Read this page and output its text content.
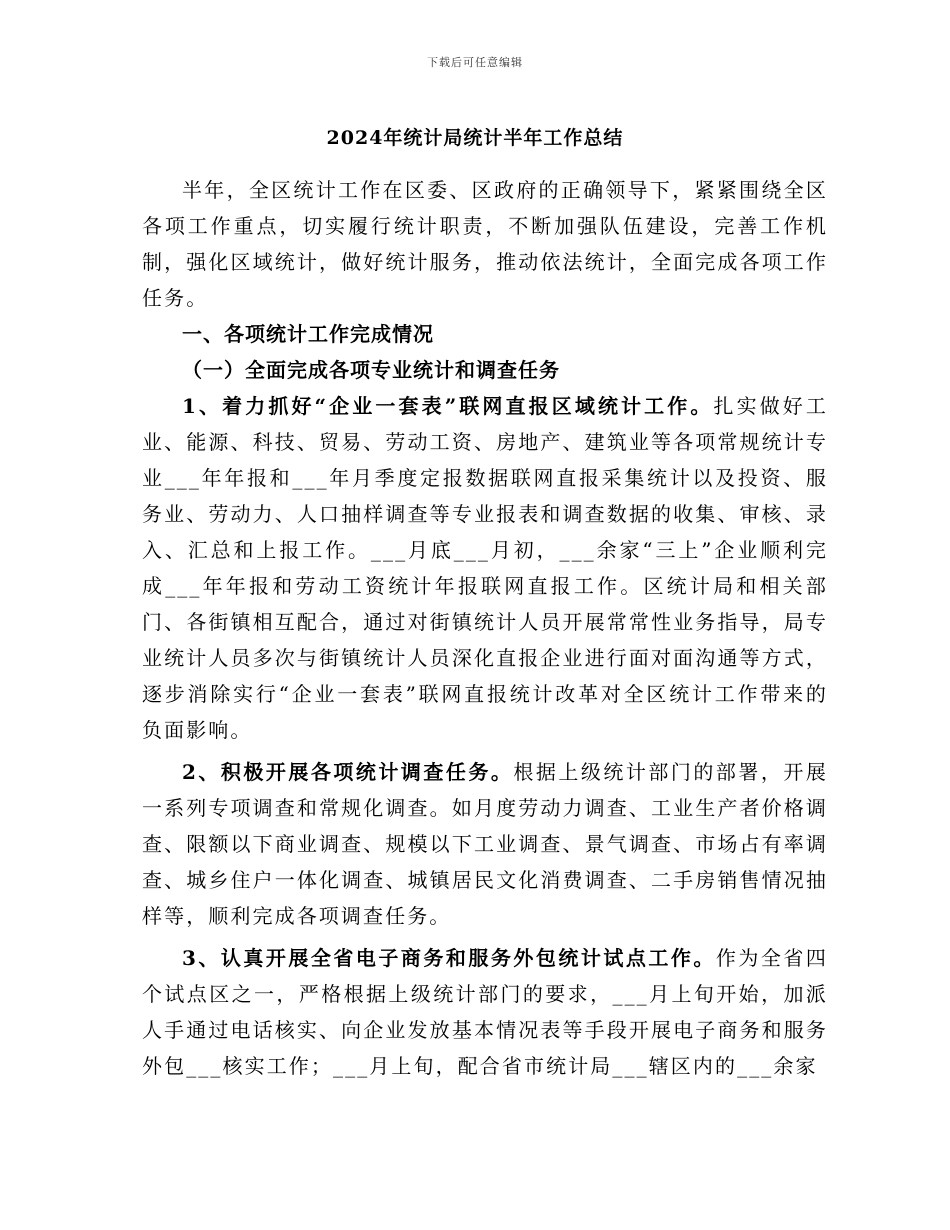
下载后可任意编辑
2024年统计局统计半年工作总结

半年，全区统计工作在区委、区政府的正确领导下，紧紧围绕全区各项工作重点，切实履行统计职责，不断加强队伍建设，完善工作机制，强化区域统计，做好统计服务，推动依法统计，全面完成各项工作任务。

一、各项统计工作完成情况

（一）全面完成各项专业统计和调查任务

1、着力抓好“企业一套表”联网直报区域统计工作。扎实做好工业、能源、科技、贸易、劳动工资、房地产、建筑业等各项常规统计专业___年年报和___年月季度定报数据联网直报采集统计以及投资、服务业、劳动力、人口抽样调查等专业报表和调查数据的收集、审核、录入、汇总和上报工作。___月底___月初，___余家“三上”企业顺利完成___年年报和劳动工资统计年报联网直报工作。区统计局和相关部门、各街镇相互配合，通过对街镇统计人员开展常常性业务指导，局专业统计人员多次与街镇统计人员深化直报企业进行面对面沟通等方式，逐步消除实行“企业一套表”联网直报统计改革对全区统计工作带来的负面影响。

2、积极开展各项统计调查任务。根据上级统计部门的部署，开展一系列专项调查和常规化调查。如月度劳动力调查、工业生产者价格调查、限额以下商业调查、规模以下工业调查、景气调查、市场占有率调查、城乡住户一体化调查、城镇居民文化消费调查、二手房销售情况抽样等，顺利完成各项调查任务。

3、认真开展全省电子商务和服务外包统计试点工作。作为全省四个试点区之一，严格根据上级统计部门的要求，___月上旬开始，加派人手通过电话核实、向企业发放基本情况表等手段开展电子商务和服务外包___核实工作；___月上旬，配合省市统计局___辖区内的___余家
